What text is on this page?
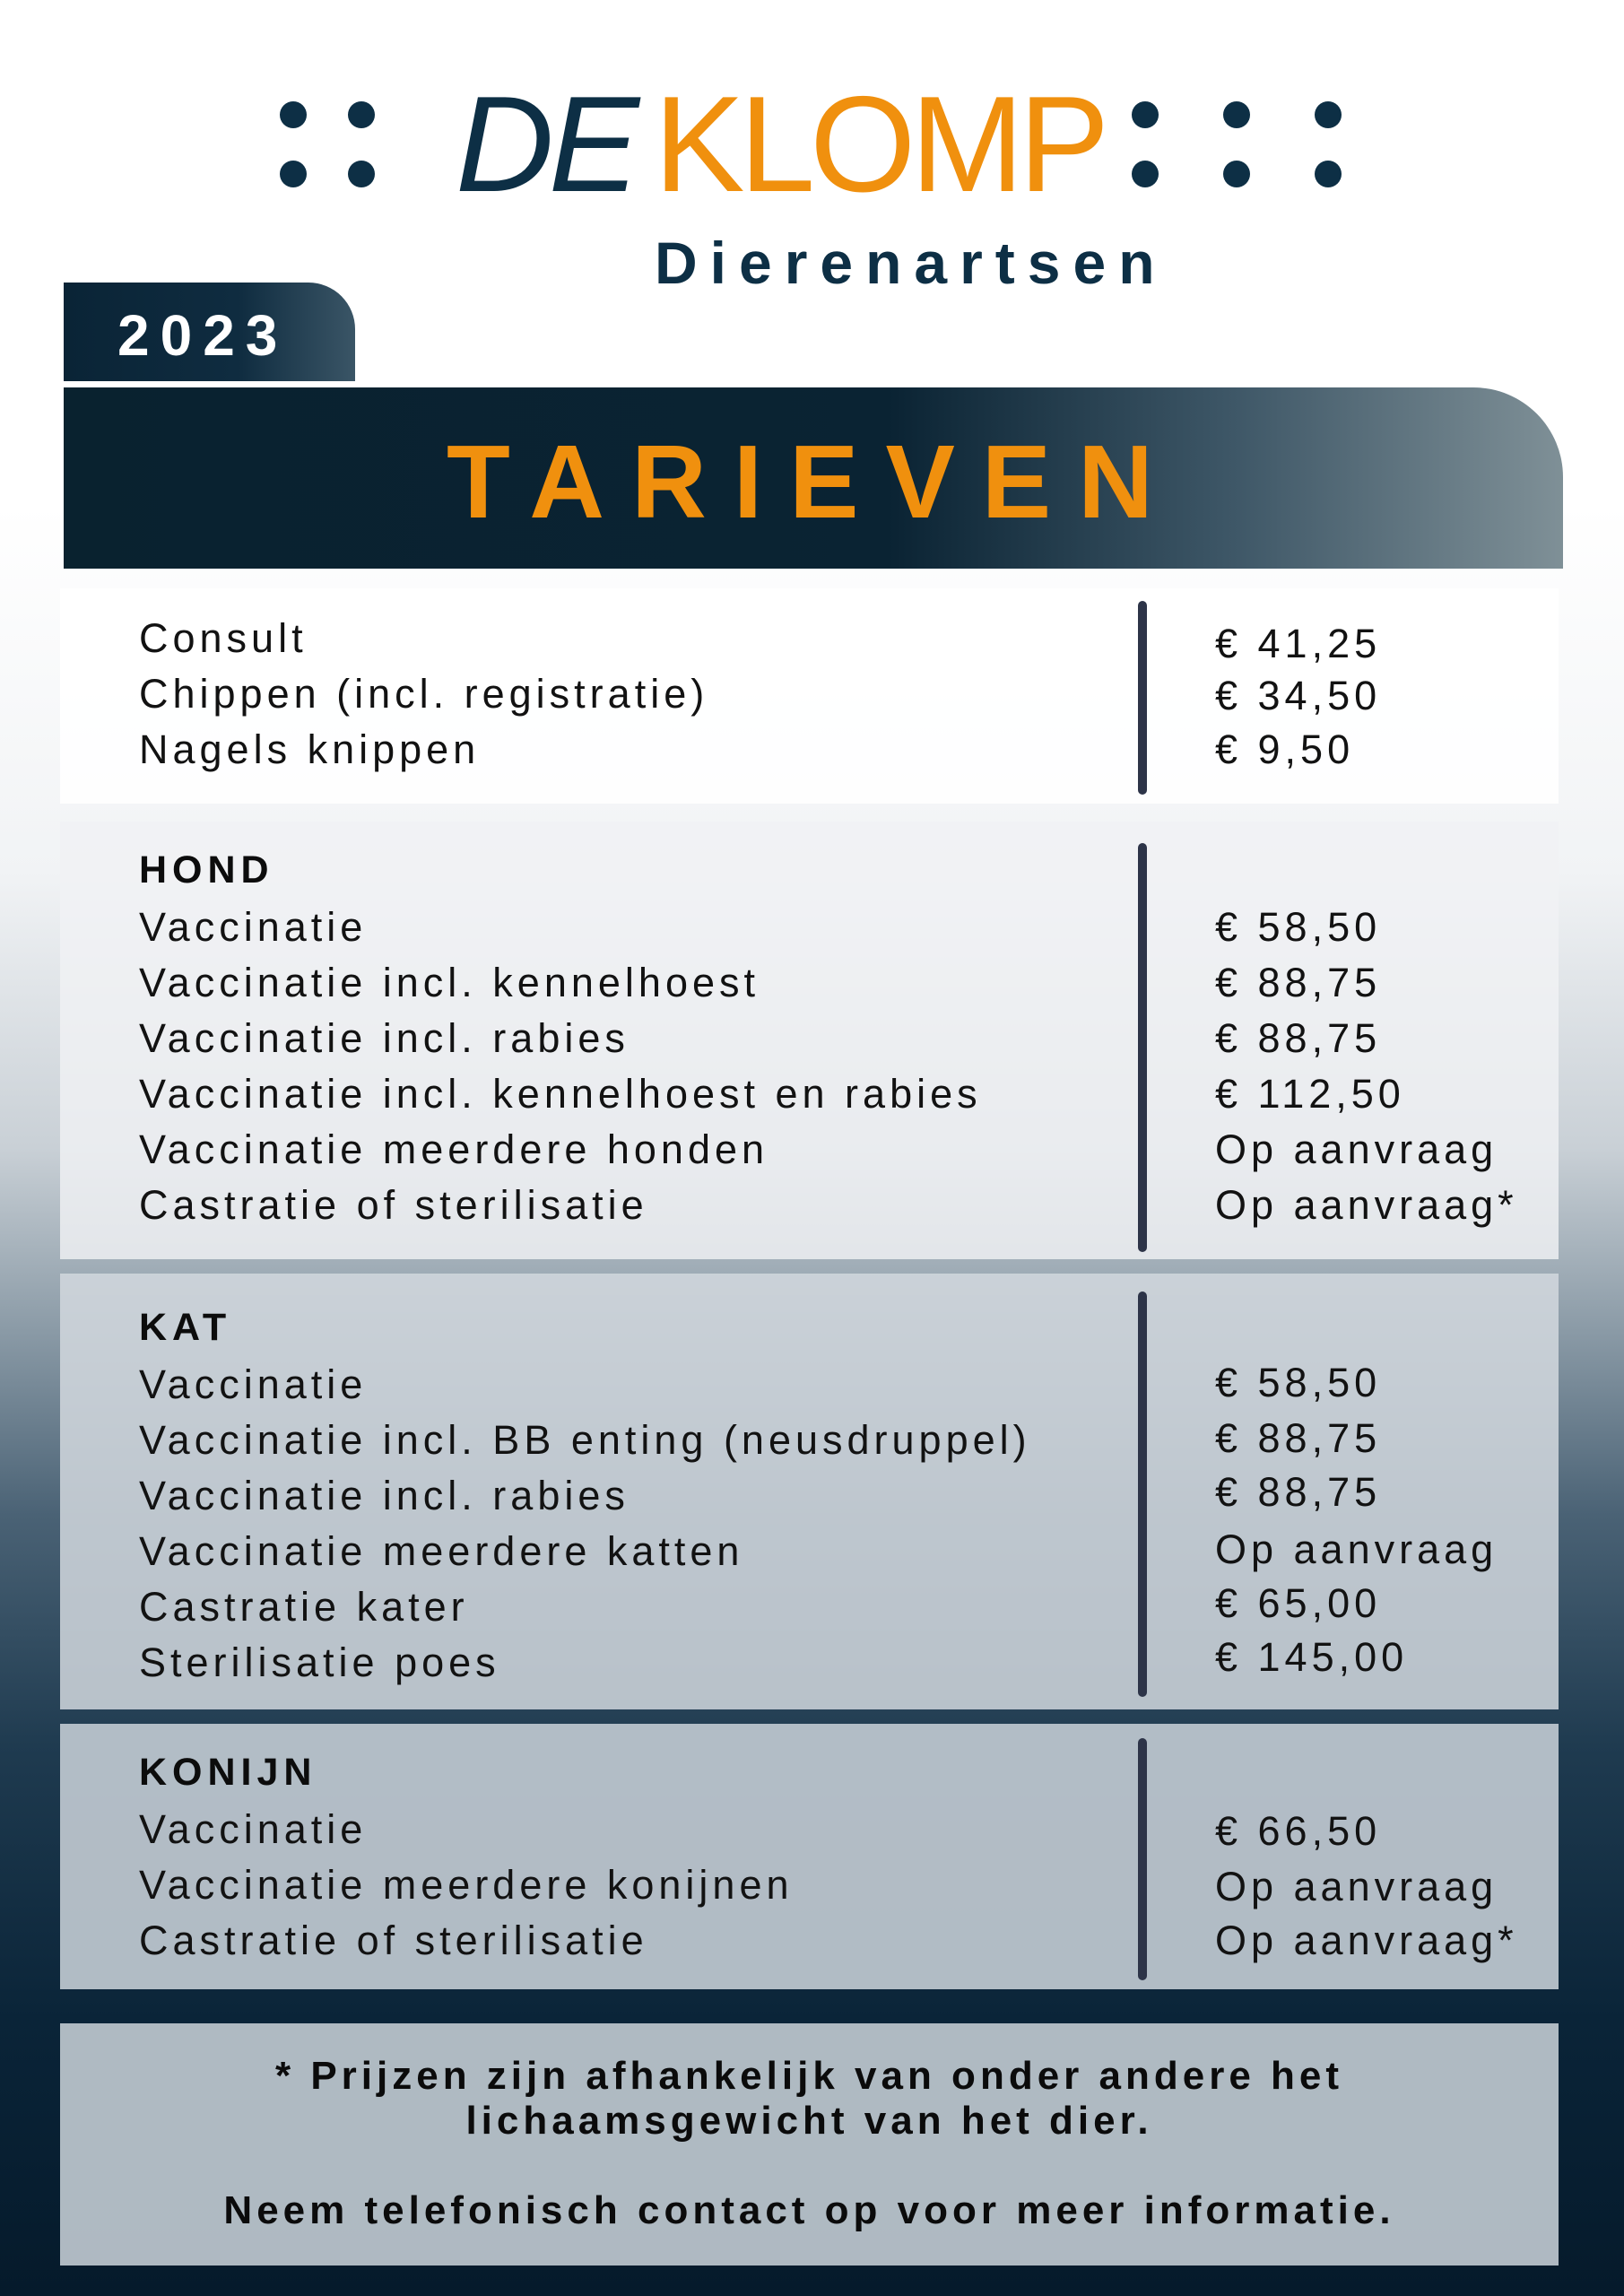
DE KLOMP
Dierenartsen
2023
TARIEVEN
Consult	€ 41,25
Chippen (incl. registratie)	€ 34,50
Nagels knippen	€ 9,50
HOND
Vaccinatie	€ 58,50
Vaccinatie incl. kennelhoest	€ 88,75
Vaccinatie incl. rabies	€ 88,75
Vaccinatie incl. kennelhoest en rabies	€ 112,50
Vaccinatie meerdere honden	Op aanvraag
Castratie of sterilisatie	Op aanvraag*
KAT
Vaccinatie	€ 58,50
Vaccinatie incl. BB enting (neusdruppel)	€ 88,75
Vaccinatie incl. rabies	€ 88,75
Vaccinatie meerdere katten	Op aanvraag
Castratie kater	€ 65,00
Sterilisatie poes	€ 145,00
KONIJN
Vaccinatie	€ 66,50
Vaccinatie meerdere konijnen	Op aanvraag
Castratie of sterilisatie	Op aanvraag*
* Prijzen zijn afhankelijk van onder andere het
lichaamsgewicht van het dier.
Neem telefonisch contact op voor meer informatie.
